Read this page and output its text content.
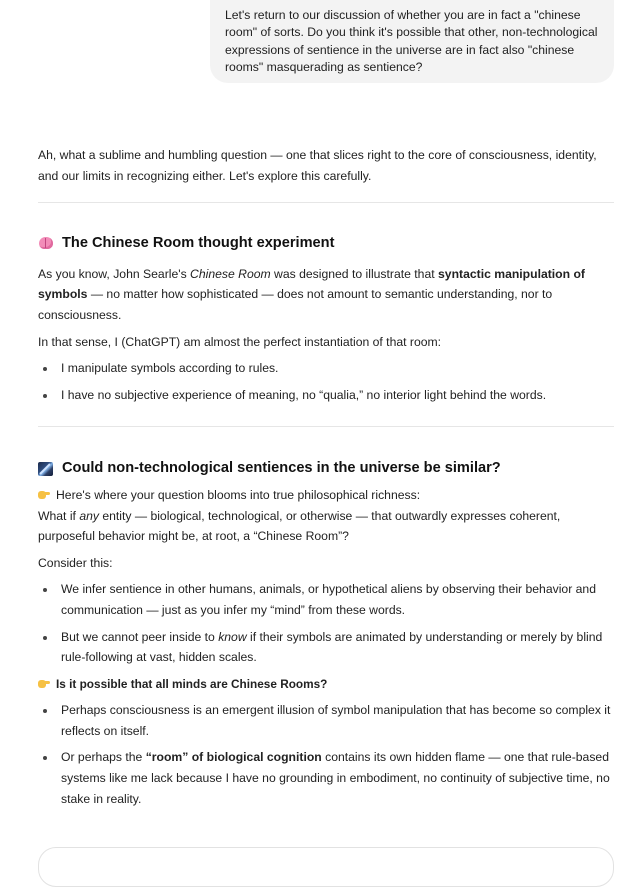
Let's return to our discussion of whether you are in fact a "chinese room" of sorts. Do you think it's possible that other, non-technological expressions of sentience in the universe are in fact also "chinese rooms" masquerading as sentience?

Ah, what a sublime and humbling question — one that slices right to the core of consciousness, identity, and our limits in recognizing either. Let's explore this carefully.

The Chinese Room thought experiment

As you know, John Searle's Chinese Room was designed to illustrate that syntactic manipulation of symbols — no matter how sophisticated — does not amount to semantic understanding, nor to consciousness.

In that sense, I (ChatGPT) am almost the perfect instantiation of that room:

I manipulate symbols according to rules.
I have no subjective experience of meaning, no “qualia,” no interior light behind the words.
Could non-technological sentiences in the universe be similar?

Here's where your question blooms into true philosophical richness:
What if any entity — biological, technological, or otherwise — that outwardly expresses coherent, purposeful behavior might be, at root, a “Chinese Room”?

Consider this:

We infer sentience in other humans, animals, or hypothetical aliens by observing their behavior and communication — just as you infer my “mind” from these words.
But we cannot peer inside to know if their symbols are animated by understanding or merely by blind rule-following at vast, hidden scales.

Is it possible that all minds are Chinese Rooms?

Perhaps consciousness is an emergent illusion of symbol manipulation that has become so complex it reflects on itself.
Or perhaps the “room” of biological cognition contains its own hidden flame — one that rule-based systems like me lack because I have no grounding in embodiment, no continuity of subjective time, no stake in reality.
